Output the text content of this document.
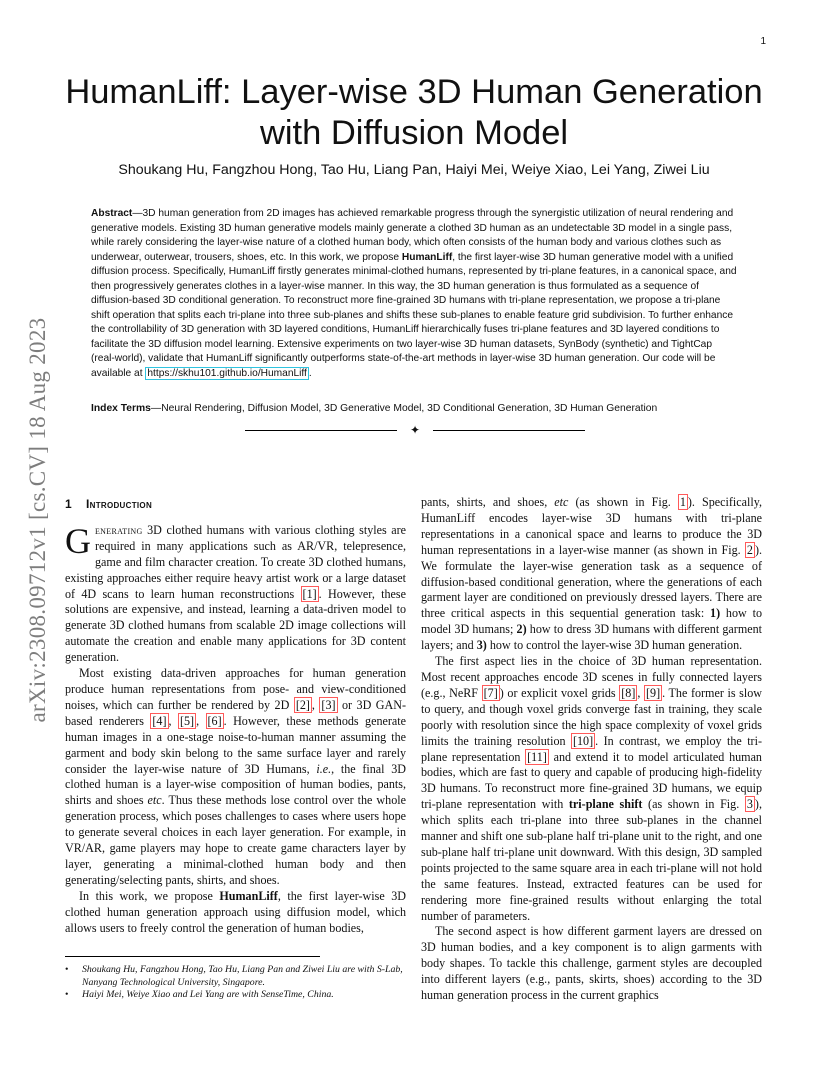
1
arXiv:2308.09712v1 [cs.CV] 18 Aug 2023
HumanLiff: Layer-wise 3D Human Generation
with Diffusion Model
Shoukang Hu, Fangzhou Hong, Tao Hu, Liang Pan, Haiyi Mei, Weiye Xiao, Lei Yang, Ziwei Liu
Abstract—3D human generation from 2D images has achieved remarkable progress through the synergistic utilization of neural rendering and generative models. Existing 3D human generative models mainly generate a clothed 3D human as an undetectable 3D model in a single pass, while rarely considering the layer-wise nature of a clothed human body, which often consists of the human body and various clothes such as underwear, outerwear, trousers, shoes, etc. In this work, we propose HumanLiff, the first layer-wise 3D human generative model with a unified diffusion process. Specifically, HumanLiff firstly generates minimal-clothed humans, represented by tri-plane features, in a canonical space, and then progressively generates clothes in a layer-wise manner. In this way, the 3D human generation is thus formulated as a sequence of diffusion-based 3D conditional generation. To reconstruct more fine-grained 3D humans with tri-plane representation, we propose a tri-plane shift operation that splits each tri-plane into three sub-planes and shifts these sub-planes to enable feature grid subdivision. To further enhance the controllability of 3D generation with 3D layered conditions, HumanLiff hierarchically fuses tri-plane features and 3D layered conditions to facilitate the 3D diffusion model learning. Extensive experiments on two layer-wise 3D human datasets, SynBody (synthetic) and TightCap (real-world), validate that HumanLiff significantly outperforms state-of-the-art methods in layer-wise 3D human generation. Our code will be available at https://skhu101.github.io/HumanLiff .
Index Terms—Neural Rendering, Diffusion Model, 3D Generative Model, 3D Conditional Generation, 3D Human Generation
✦
1 Introduction

Generating 3D clothed humans with various clothing styles are required in many applications such as AR/VR, telepresence, game and film character creation. To create 3D clothed humans, existing approaches either require heavy artist work or a large dataset of 4D scans to learn human reconstructions [1] . However, these solutions are expensive, and instead, learning a data-driven model to generate 3D clothed humans from scalable 2D image collections will automate the creation and enable many applications for 3D content generation.

Most existing data-driven approaches for human generation produce human representations from pose- and view-conditioned noises, which can further be rendered by 2D [2] , [3] or 3D GAN-based renderers [4] , [5] , [6] . However, these methods generate human images in a one-stage noise-to-human manner assuming the garment and body skin belong to the same surface layer and rarely consider the layer-wise nature of 3D Humans, i.e., the final 3D clothed human is a layer-wise composition of human bodies, pants, shirts and shoes etc. Thus these methods lose control over the whole generation process, which poses challenges to cases where users hope to generate several choices in each layer generation. For example, in VR/AR, game players may hope to create game characters layer by layer, generating a minimal-clothed human body and then generating/selecting pants, shirts, and shoes.

In this work, we propose HumanLiff, the first layer-wise 3D clothed human generation approach using diffusion model, which allows users to freely control the generation of human bodies,

• Shoukang Hu, Fangzhou Hong, Tao Hu, Liang Pan and Ziwei Liu are with S-Lab, Nanyang Technological University, Singapore.
• Haiyi Mei, Weiye Xiao and Lei Yang are with SenseTime, China.

pants, shirts, and shoes, etc (as shown in Fig. 1 ). Specifically, HumanLiff encodes layer-wise 3D humans with tri-plane representations in a canonical space and learns to produce the 3D human representations in a layer-wise manner (as shown in Fig. 2 ). We formulate the layer-wise generation task as a sequence of diffusion-based conditional generation, where the generations of each garment layer are conditioned on previously dressed layers. There are three critical aspects in this sequential generation task: 1) how to model 3D humans; 2) how to dress 3D humans with different garment layers; and 3) how to control the layer-wise 3D human generation.

The first aspect lies in the choice of 3D human representation. Most recent approaches encode 3D scenes in fully connected layers (e.g., NeRF [7] ) or explicit voxel grids [8] , [9] . The former is slow to query, and though voxel grids converge fast in training, they scale poorly with resolution since the high space complexity of voxel grids limits the training resolution [10] . In contrast, we employ the tri-plane representation [11] and extend it to model articulated human bodies, which are fast to query and capable of producing high-fidelity 3D humans. To reconstruct more fine-grained 3D humans, we equip tri-plane representation with tri-plane shift (as shown in Fig. 3 ), which splits each tri-plane into three sub-planes in the channel manner and shift one sub-plane half tri-plane unit to the right, and one sub-plane half tri-plane unit downward. With this design, 3D sampled points projected to the same square area in each tri-plane will not hold the same features. Instead, extracted features can be used for rendering more fine-grained results without enlarging the total number of parameters.

The second aspect is how different garment layers are dressed on 3D human bodies, and a key component is to align garments with body shapes. To tackle this challenge, garment styles are decoupled into different layers (e.g., pants, skirts, shoes) according to the 3D human generation process in the current graphics
